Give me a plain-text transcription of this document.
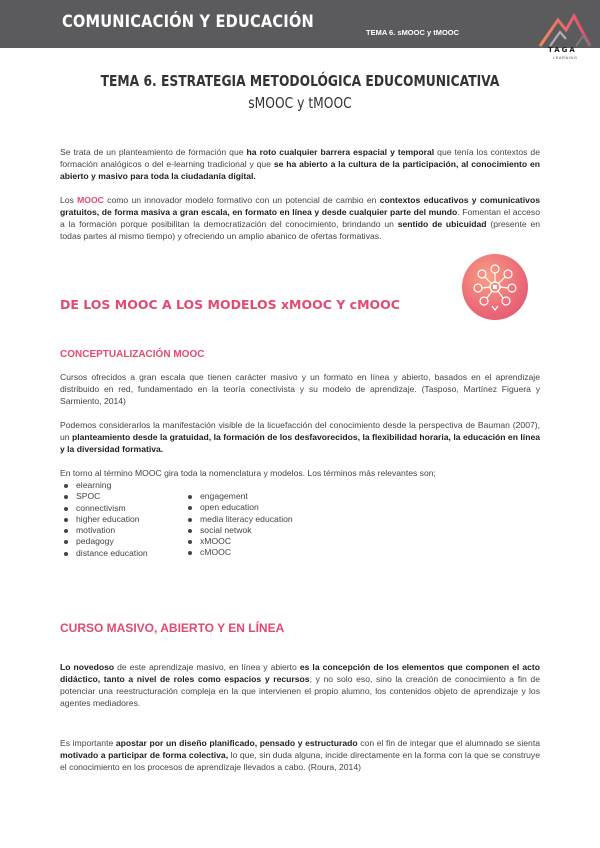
COMUNICACIÓN Y EDUCACIÓN
TEMA 6. sMOOC y tMOOC
TAGA
LEARNING
TEMA 6. ESTRATEGIA METODOLÓGICA EDUCOMUNICATIVA
sMOOC y tMOOC

Se trata de un planteamiento de formación que ha roto cualquier barrera espacial y temporal que tenía los contextos de formación analógicos o del e-learning tradicional y que se ha abierto a la cultura de la participación, al conocimiento en abierto y masivo para toda la ciudadanía digital.

Los MOOC como un innovador modelo formativo con un potencial de cambio en contextos educativos y comunicativos gratuitos, de forma masiva a gran escala, en formato en línea y desde cualquier parte del mundo. Fomentan el acceso a la formación porque posibilitan la democratización del conocimiento, brindando un sentido de ubicuidad (presente en todas partes al mismo tiempo) y ofreciendo un amplio abanico de ofertas formativas.

DE LOS MOOC A LOS MODELOS xMOOC Y cMOOC
CONCEPTUALIZACIÓN MOOC

Cursos ofrecidos a gran escala que tienen carácter masivo y un formato en línea y abierto, basados en el aprendizaje distribuido en red, fundamentado en la teoría conectivista y su modelo de aprendizaje. (Tasposo, Martínez Figuera y Sarmiento, 2014)

Podemos considerarlos la manifestación visible de la licuefacción del conocimiento desde la perspectiva de Bauman (2007), un planteamiento desde la gratuidad, la formación de los desfavorecidos, la flexibilidad horaria, la educación en línea y la diversidad formativa.

En torno al término MOOC gira toda la nomenclatura y modelos. Los términos más relevantes son;

elearning
SPOC
connectivism
higher education
motivation
pedagogy
distance education
engagement
open education
media literacy education
social netwok
xMOOC
cMOOC
CURSO MASIVO, ABIERTO Y EN LÍNEA

Lo novedoso de este aprendizaje masivo, en línea y abierto es la concepción de los elementos que componen el acto didáctico, tanto a nivel de roles como espacios y recursos; y no solo eso, sino la creación de conocimiento a fin de potenciar una reestructuración compleja en la que intervienen el propio alumno, los contenidos objeto de aprendizaje y los agentes mediadores.

Es importante apostar por un diseño planificado, pensado y estructurado con el fin de integar que el alumnado se sienta motivado a participar de forma colectiva, lo que, sin duda alguna, incide directamente en la forma con la que se construye el conocimiento en los procesos de aprendizaje llevados a cabo. (Roura, 2014)
